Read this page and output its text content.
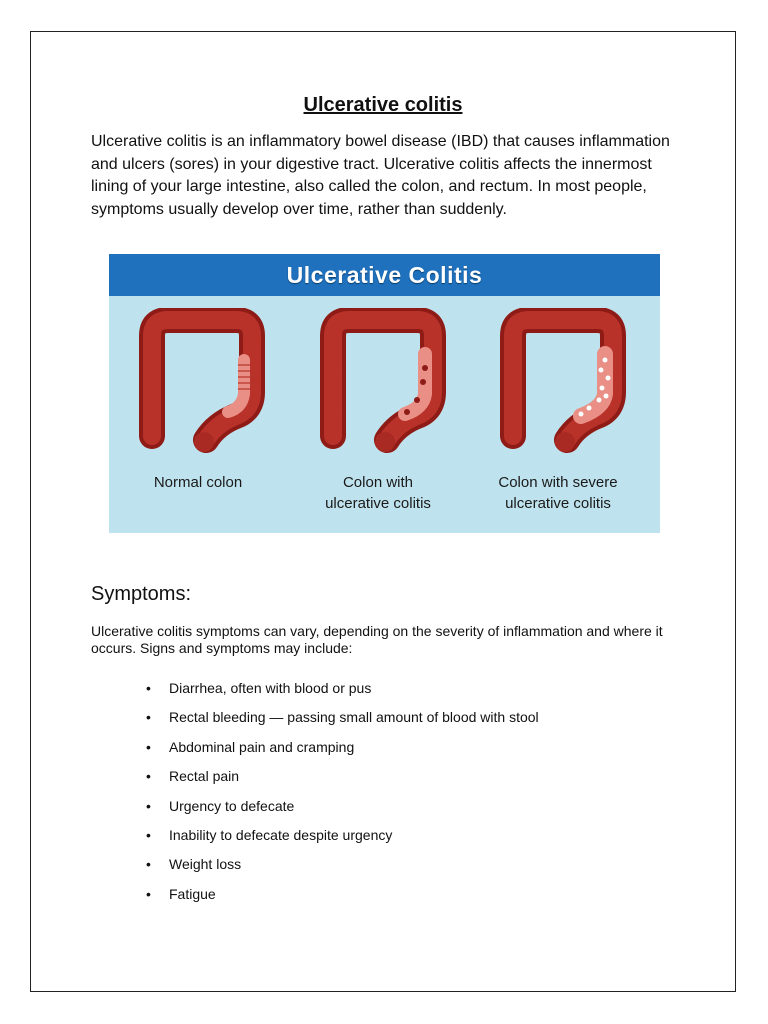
Ulcerative colitis

Ulcerative colitis is an inflammatory bowel disease (IBD) that causes inflammation and ulcers (sores) in your digestive tract. Ulcerative colitis affects the innermost lining of your large intestine, also called the colon, and rectum. In most people, symptoms usually develop over time, rather than suddenly.

Ulcerative Colitis
Normal colon	Colon with
ulcerative colitis
Colon with severe
ulcerative colitis
Symptoms:

Ulcerative colitis symptoms can vary, depending on the severity of inflammation and where it occurs. Signs and symptoms may include:

• Diarrhea, often with blood or pus
• Rectal bleeding — passing small amount of blood with stool
• Abdominal pain and cramping
• Rectal pain
• Urgency to defecate
• Inability to defecate despite urgency
• Weight loss
• Fatigue
